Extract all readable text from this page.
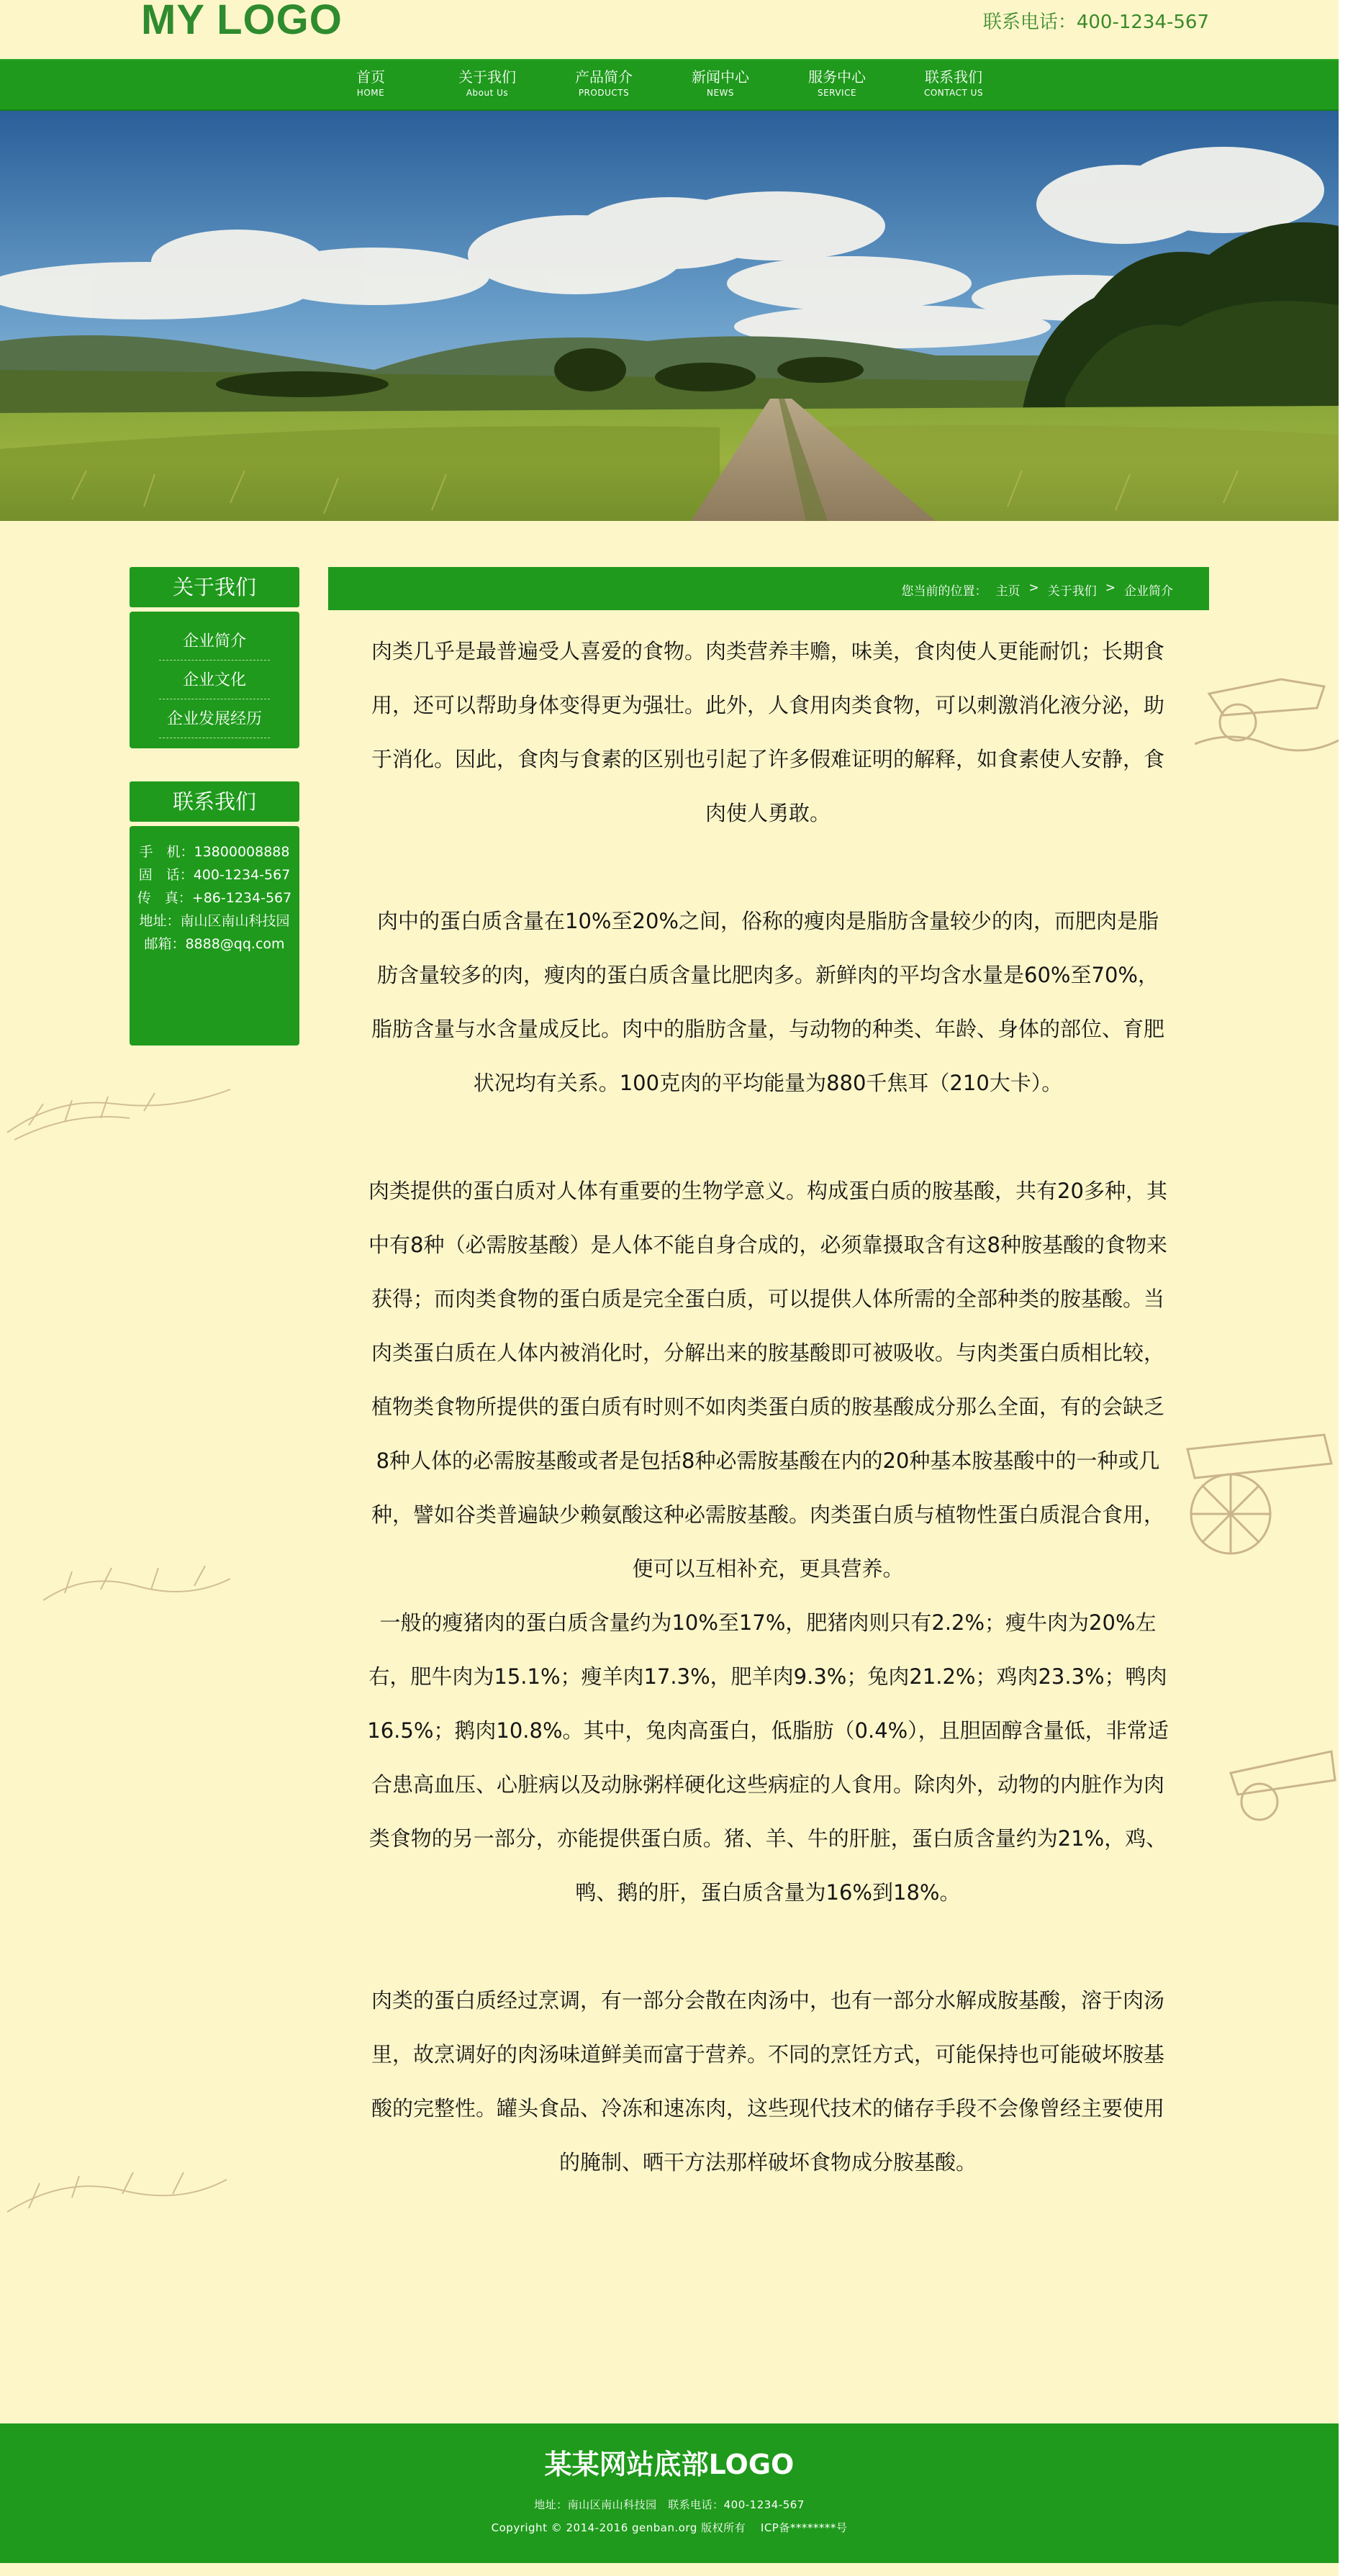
MY LOGO	联系电话：400-1234-567
首页
HOME
关于我们
About Us
产品简介
PRODUCTS
新闻中心
NEWS
服务中心
SERVICE
联系我们
CONTACT US
关于我们
企业简介
企业文化
企业发展经历
联系我们
手　机：13800008888
固　话：400-1234-567
传　真：+86-1234-567
地址：南山区南山科技园
邮箱：8888@qq.com
您当前的位置： 主页 > 关于我们 > 企业简介

肉类几乎是最普遍受人喜爱的食物。肉类营养丰赡，味美，食肉使人更能耐饥；长期食用，还可以帮助身体变得更为强壮。此外，人食用肉类食物，可以刺激消化液分泌，助于消化。因此，食肉与食素的区别也引起了许多假难证明的解释，如食素使人安静，食肉使人勇敢。

肉中的蛋白质含量在10%至20%之间，俗称的瘦肉是脂肪含量较少的肉，而肥肉是脂肪含量较多的肉，瘦肉的蛋白质含量比肥肉多。新鲜肉的平均含水量是60%至70%，脂肪含量与水含量成反比。肉中的脂肪含量，与动物的种类、年龄、身体的部位、育肥状况均有关系。100克肉的平均能量为880千焦耳（210大卡）。

肉类提供的蛋白质对人体有重要的生物学意义。构成蛋白质的胺基酸，共有20多种，其中有8种（必需胺基酸）是人体不能自身合成的，必须靠摄取含有这8种胺基酸的食物来获得；而肉类食物的蛋白质是完全蛋白质，可以提供人体所需的全部种类的胺基酸。当肉类蛋白质在人体内被消化时，分解出来的胺基酸即可被吸收。与肉类蛋白质相比较，植物类食物所提供的蛋白质有时则不如肉类蛋白质的胺基酸成分那么全面，有的会缺乏8种人体的必需胺基酸或者是包括8种必需胺基酸在内的20种基本胺基酸中的一种或几种，譬如谷类普遍缺少赖氨酸这种必需胺基酸。肉类蛋白质与植物性蛋白质混合食用，便可以互相补充，更具营养。

一般的瘦猪肉的蛋白质含量约为10%至17%，肥猪肉则只有2.2%；瘦牛肉为20%左右，肥牛肉为15.1%；瘦羊肉17.3%，肥羊肉9.3%；兔肉21.2%；鸡肉23.3%；鸭肉16.5%；鹅肉10.8%。其中，兔肉高蛋白，低脂肪（0.4%），且胆固醇含量低，非常适合患高血压、心脏病以及动脉粥样硬化这些病症的人食用。除肉外，动物的内脏作为肉类食物的另一部分，亦能提供蛋白质。猪、羊、牛的肝脏，蛋白质含量约为21%，鸡、鸭、鹅的肝，蛋白质含量为16%到18%。

肉类的蛋白质经过烹调，有一部分会散在肉汤中，也有一部分水解成胺基酸，溶于肉汤里，故烹调好的肉汤味道鲜美而富于营养。不同的烹饪方式，可能保持也可能破坏胺基酸的完整性。罐头食品、冷冻和速冻肉，这些现代技术的储存手段不会像曾经主要使用的腌制、晒干方法那样破坏食物成分胺基酸。

某某网站底部LOGO
地址：南山区南山科技园　联系电话：400-1234-567
Copyright © 2014-2016 genban.org 版权所有　 ICP备********号
